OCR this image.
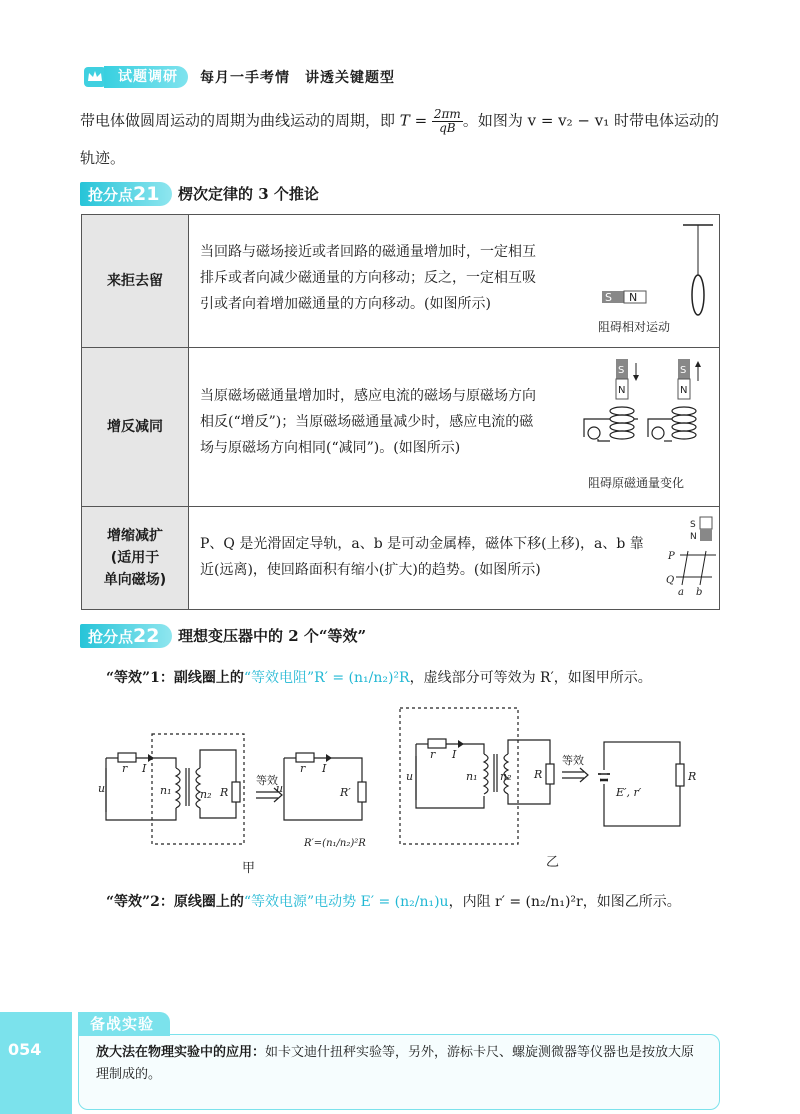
试题调研	每月一手考情　讲透关键题型
带电体做圆周运动的周期为曲线运动的周期，即 $T = \frac{2\pi m}{qB}$ 。如图为 v = v₂ − v₁ 时带电体运动的
轨迹。
抢分点21	楞次定律的 3 个推论
来拒去留
当回路与磁场接近或者回路的磁通量增加时，一定相互
排斥或者向减少磁通量的方向移动；反之，一定相互吸
引或者向着增加磁通量的方向移动。(如图所示)	S N
阻碍相对运动
增反减同
当原磁场磁通量增加时，感应电流的磁场与原磁场方向
相反(“增反”)；当原磁场磁通量减少时，感应电流的磁
场与原磁场方向相同(“减同”)。(如图所示)
S
N
S
N
阻碍原磁通量变化
增缩减扩
(适用于
单向磁场)
P、Q 是光滑固定导轨，a、b 是可动金属棒，磁体下移(上移)，a、b 靠
近(远离)，使回路面积有缩小(扩大)的趋势。(如图所示)
S
N
P
Q
a b
抢分点22	理想变压器中的 2 个“等效”
“等效”1：副线圈上的“等效电阻”R′ = (n₁/n₂)²R，虚线部分可等效为 R′，如图甲所示。
r I
u	n₁	n₂ R
r I
u	R′
R′=(n₁/n₂)²R
等效
甲
r I
u	n₁ n₂ R
E′, r′
R
等效
乙
“等效”2：原线圈上的“等效电源”电动势 E′ = (n₂/n₁)u，内阻 r′ = (n₂/n₁)²r，如图乙所示。
054
备战实验
放大法在物理实验中的应用：如卡文迪什扭秤实验等，另外，游标卡尺、螺旋测微器等仪器也是按放大原理制成的。
